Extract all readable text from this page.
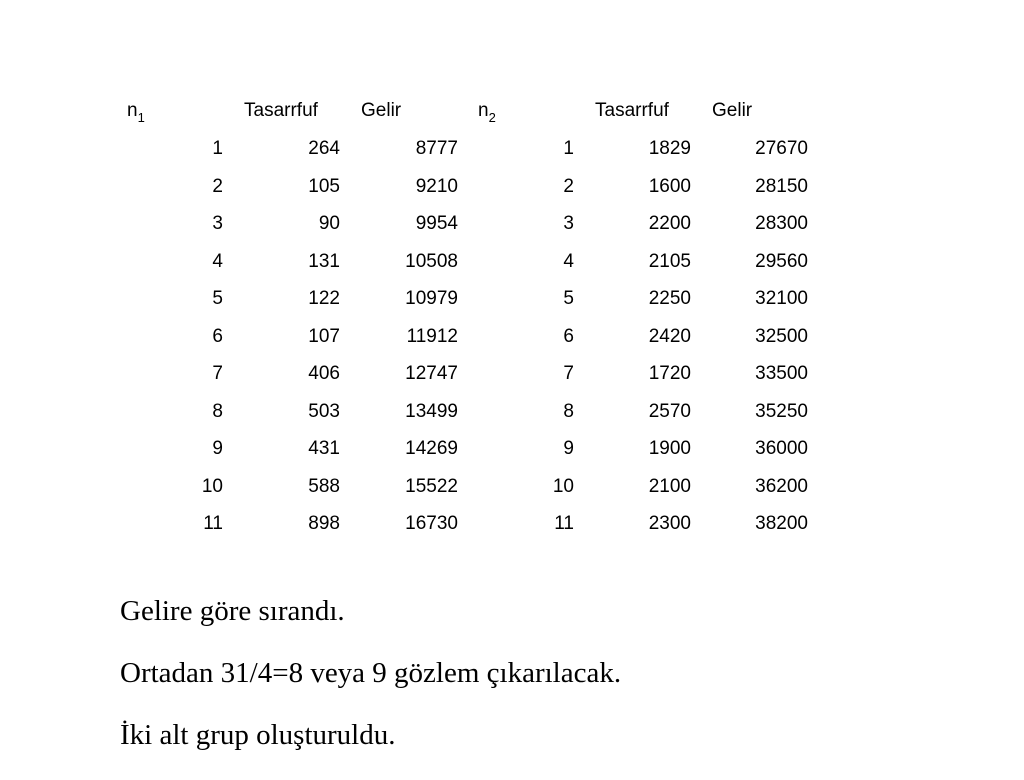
$n_1$	Tasarrfuf Gelir	$n_2$	Tasarrfuf Gelir
1	264	8777	1	1829	27670
2	105	9210	2	1600	28150
3	90	9954	3	2200	28300
4	131	10508	4	2105	29560
5	122	10979	5	2250	32100
6	107	11912	6	2420	32500
7	406	12747	7	1720	33500
8	503	13499	8	2570	35250
9	431	14269	9	1900	36000
10	588	15522	10	2100	36200
11	898	16730	11	2300	38200

Gelire göre sırandı.

Ortadan 31/4=8 veya 9 gözlem çıkarılacak.

İki alt grup oluşturuldu.
